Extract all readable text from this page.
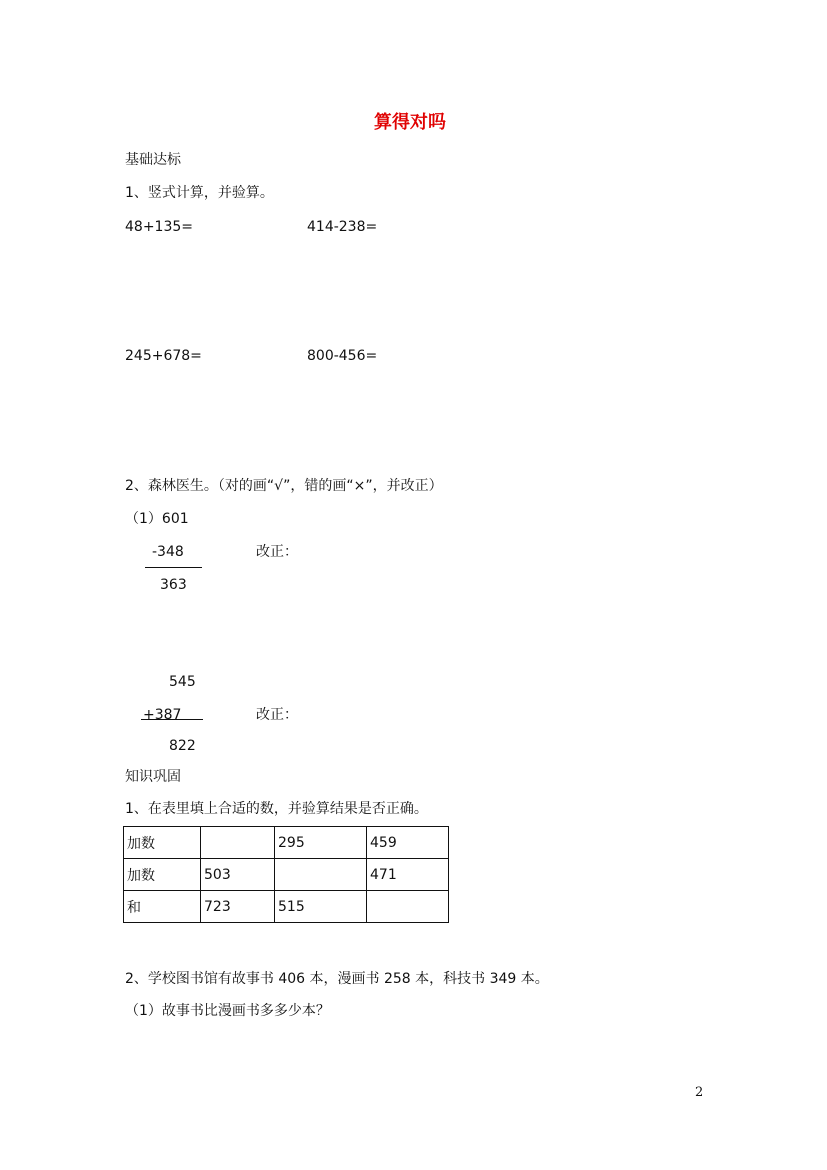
算得对吗
基础达标
1、竖式计算，并验算。
48+135=	414-238=
245+678=	800-456=
2、森林医生。（对的画“√”，错的画“×”，并改正）
（1）601
-348	改正：
363
545
+387	改正：
822
知识巩固
1、在表里填上合适的数，并验算结果是否正确。
加数		295	459
加数	503		471
和	723	515	
2、学校图书馆有故事书 406 本，漫画书 258 本，科技书 349 本。
（1）故事书比漫画书多多少本？
2
